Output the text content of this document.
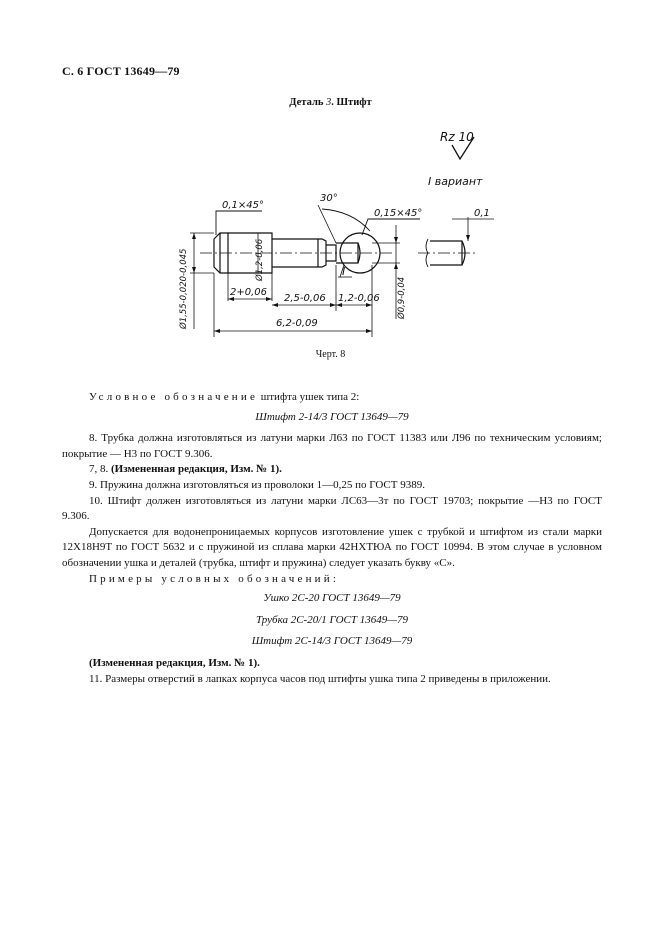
С. 6 ГОСТ 13649—79
Деталь 3. Штифт
Rz 10
I вариант
0,1×45°
30°
0,15×45°	0,1
Ø1,2-0,06
Ø1,55-0,020-0,045	2+0,06
2,5-0,06 1,2-0,06 Ø0,9-0,04
6,2-0,09
I
Черт. 8

Условное обозначение штифта ушек типа 2:

Штифт 2-14/3 ГОСТ 13649—79

8. Трубка должна изготовляться из латуни марки Л63 по ГОСТ 11383 или Л96 по техническим условиям; покрытие — Н3 по ГОСТ 9.306.

7, 8. (Измененная редакция, Изм. № 1).

9. Пружина должна изготовляться из проволоки 1—0,25 по ГОСТ 9389.

10. Штифт должен изготовляться из латуни марки ЛС63—3т по ГОСТ 19703; покрытие —Н3 по ГОСТ 9.306.

Допускается для водонепроницаемых корпусов изготовление ушек с трубкой и штифтом из стали марки 12Х18Н9Т по ГОСТ 5632 и с пружиной из сплава марки 42НХТЮА по ГОСТ 10994. В этом случае в условном обозначении ушка и деталей (трубка, штифт и пружина) следует указать букву «С».

Примеры условных обозначений:

Ушко 2С-20 ГОСТ 13649—79

Трубка 2С-20/1 ГОСТ 13649—79

Штифт 2С-14/3 ГОСТ 13649—79

(Измененная редакция, Изм. № 1).

11. Размеры отверстий в лапках корпуса часов под штифты ушка типа 2 приведены в приложении.
